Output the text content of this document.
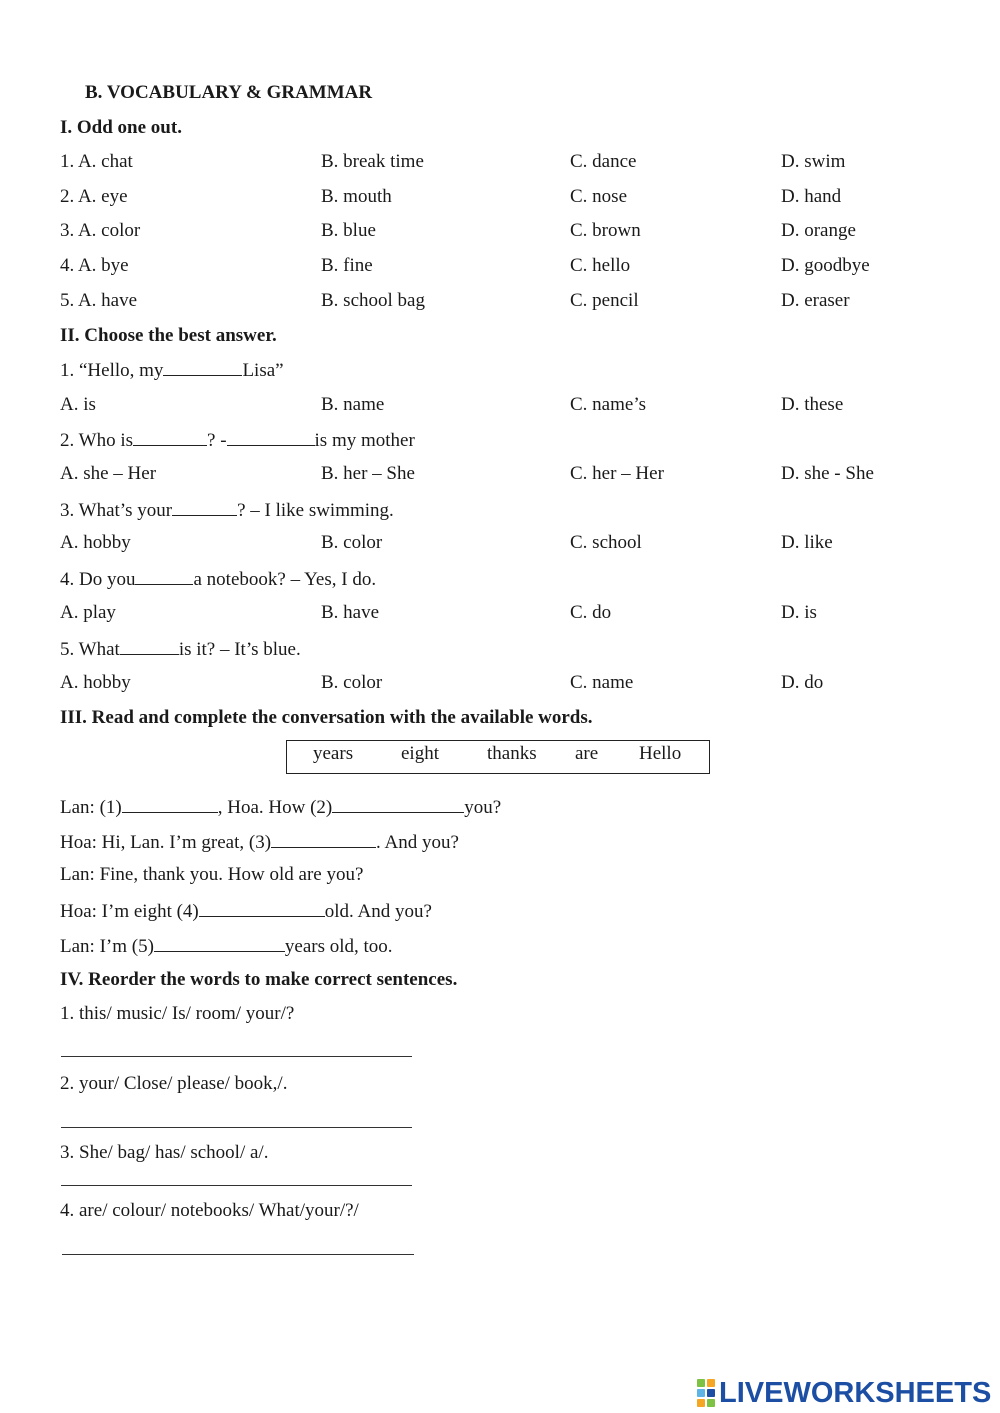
B. VOCABULARY & GRAMMAR
I. Odd one out.
1. A. chat	B. break time	C. dance	D. swim
2. A. eye	B. mouth	C. nose	D. hand
3. A. color	B. blue	C. brown	D. orange
4. A. bye	B. fine	C. hello	D. goodbye
5. A. have	B. school bag	C. pencil	D. eraser
II. Choose the best answer.
1. “Hello, my	Lisa”
A. is	B. name	C. name’s	D. these
2. Who is	? -	is my mother
A. she – Her	B. her – She	C. her – Her	D. she - She
3. What’s your	? – I like swimming.
A. hobby	B. color	C. school	D. like
4. Do you	a notebook? – Yes, I do.
A. play	B. have	C. do	D. is
5. What	is it? – It’s blue.
A. hobby	B. color	C. name	D. do
III. Read and complete the conversation with the available words.
years	eight	thanks are Hello
Lan: (1)	, Hoa. How (2)	you?
Hoa: Hi, Lan. I’m great, (3)	. And you?
Lan: Fine, thank you. How old are you?
Hoa: I’m eight (4)	old. And you?
Lan: I’m (5)	years old, too.
IV. Reorder the words to make correct sentences.
1. this/ music/ Is/ room/ your/?
2. your/ Close/ please/ book,/.
3. She/ bag/ has/ school/ a/.
4. are/ colour/ notebooks/ What/your/?/
LIVEWORKSHEETS
